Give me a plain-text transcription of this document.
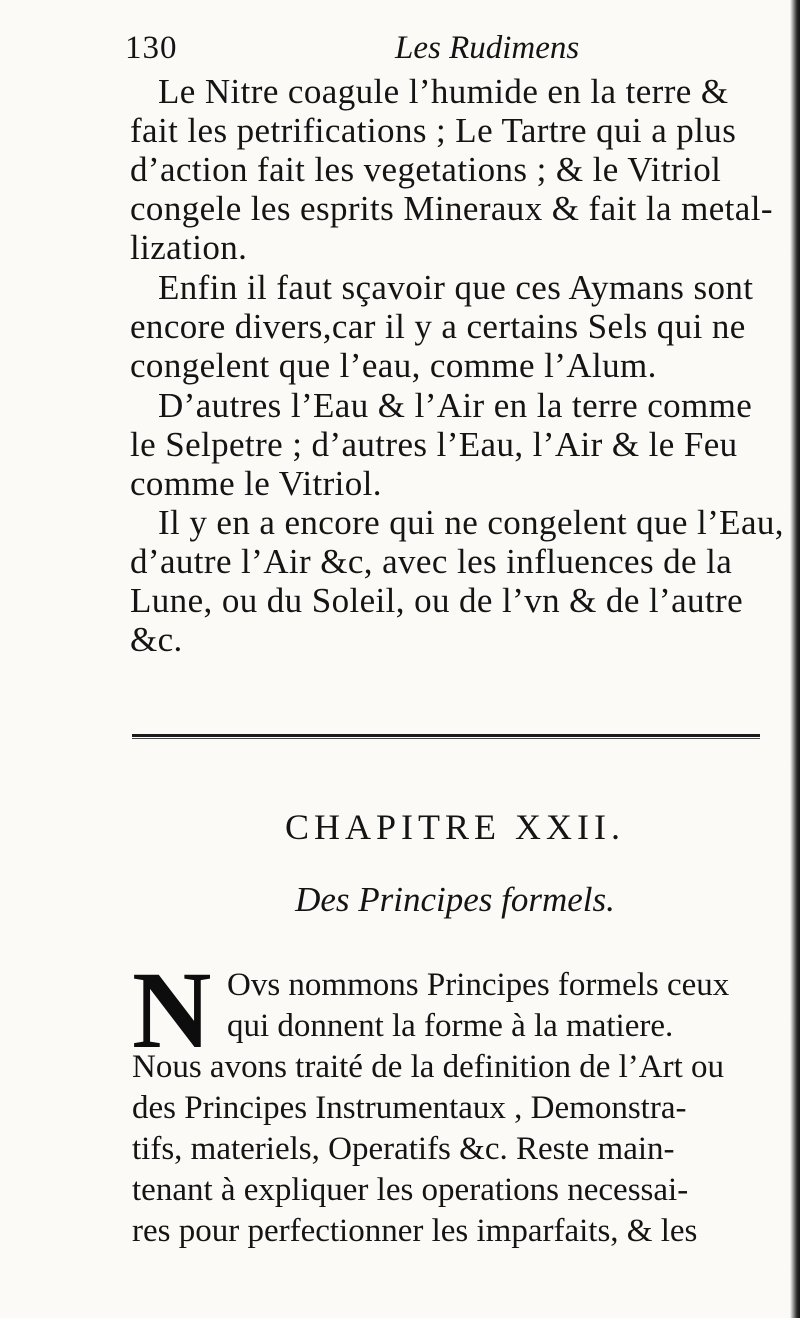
130	Les Rudimens

Le Nitre coagule l’humide en la terre &
fait les petrifications ; Le Tartre qui a plus
d’action fait les vegetations ; & le Vitriol
congele les esprits Mineraux & fait la metal-
lization.

Enfin il faut sçavoir que ces Aymans sont
encore divers,car il y a certains Sels qui ne
congelent que l’eau, comme l’Alum.

D’autres l’Eau & l’Air en la terre comme
le Selpetre ; d’autres l’Eau, l’Air & le Feu
comme le Vitriol.

Il y en a encore qui ne congelent que l’Eau,
d’autre l’Air &c, avec les influences de la
Lune, ou du Soleil, ou de l’vn & de l’autre
&c.

CHAPITRE XXII.
Des Principes formels.
N Ovs nommons Principes formels ceux
qui donnent la forme à la matiere.
Nous avons traité de la definition de l’Art ou
des Principes Instrumentaux , Demonstra-
tifs, materiels, Operatifs &c. Reste main-
tenant à expliquer les operations necessai-
res pour perfectionner les imparfaits, & les
